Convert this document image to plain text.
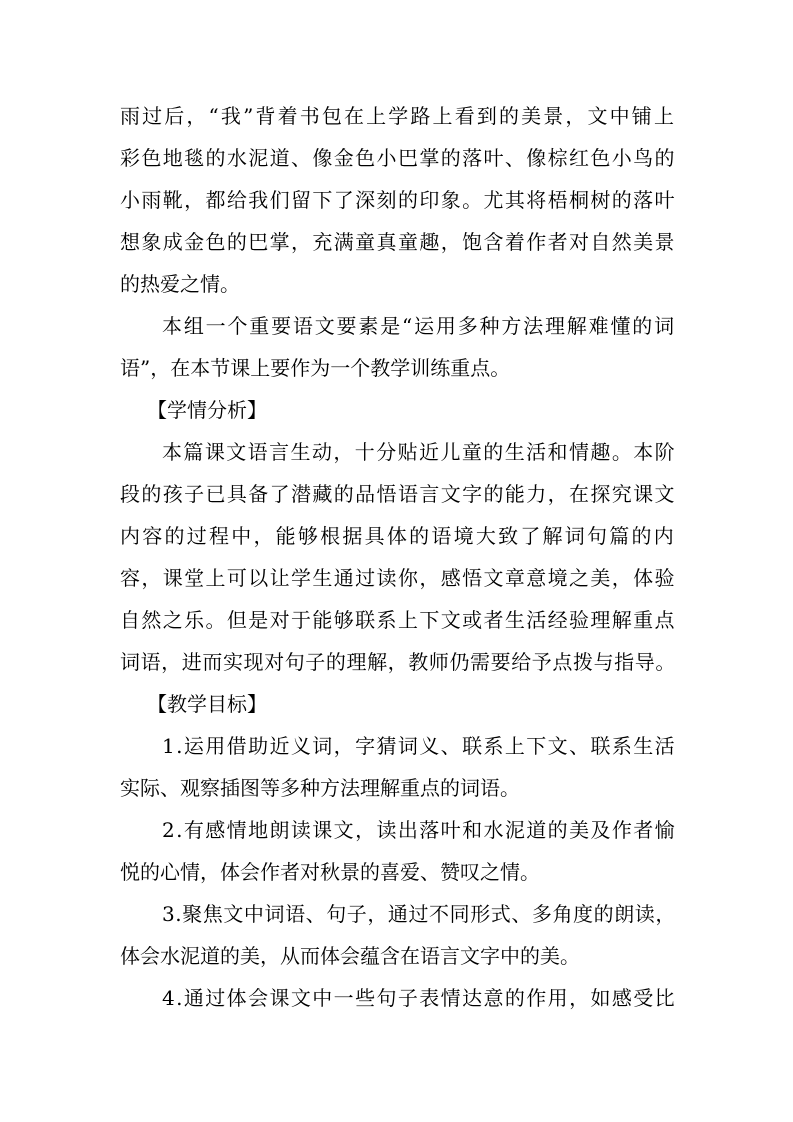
雨过后，“我”背着书包在上学路上看到的美景，文中铺上
彩色地毯的水泥道、像金色小巴掌的落叶、像棕红色小鸟的
小雨靴，都给我们留下了深刻的印象。尤其将梧桐树的落叶
想象成金色的巴掌，充满童真童趣，饱含着作者对自然美景
的热爱之情。
本组一个重要语文要素是“运用多种方法理解难懂的词
语”，在本节课上要作为一个教学训练重点。
【学情分析】
本篇课文语言生动，十分贴近儿童的生活和情趣。本阶
段的孩子已具备了潜藏的品悟语言文字的能力，在探究课文
内容的过程中，能够根据具体的语境大致了解词句篇的内
容，课堂上可以让学生通过读你，感悟文章意境之美，体验
自然之乐。但是对于能够联系上下文或者生活经验理解重点
词语，进而实现对句子的理解，教师仍需要给予点拨与指导。
【教学目标】
1.运用借助近义词，字猜词义、联系上下文、联系生活
实际、观察插图等多种方法理解重点的词语。
2.有感情地朗读课文，读出落叶和水泥道的美及作者愉
悦的心情，体会作者对秋景的喜爱、赞叹之情。
3.聚焦文中词语、句子，通过不同形式、多角度的朗读，
体会水泥道的美，从而体会蕴含在语言文字中的美。
4.通过体会课文中一些句子表情达意的作用，如感受比
